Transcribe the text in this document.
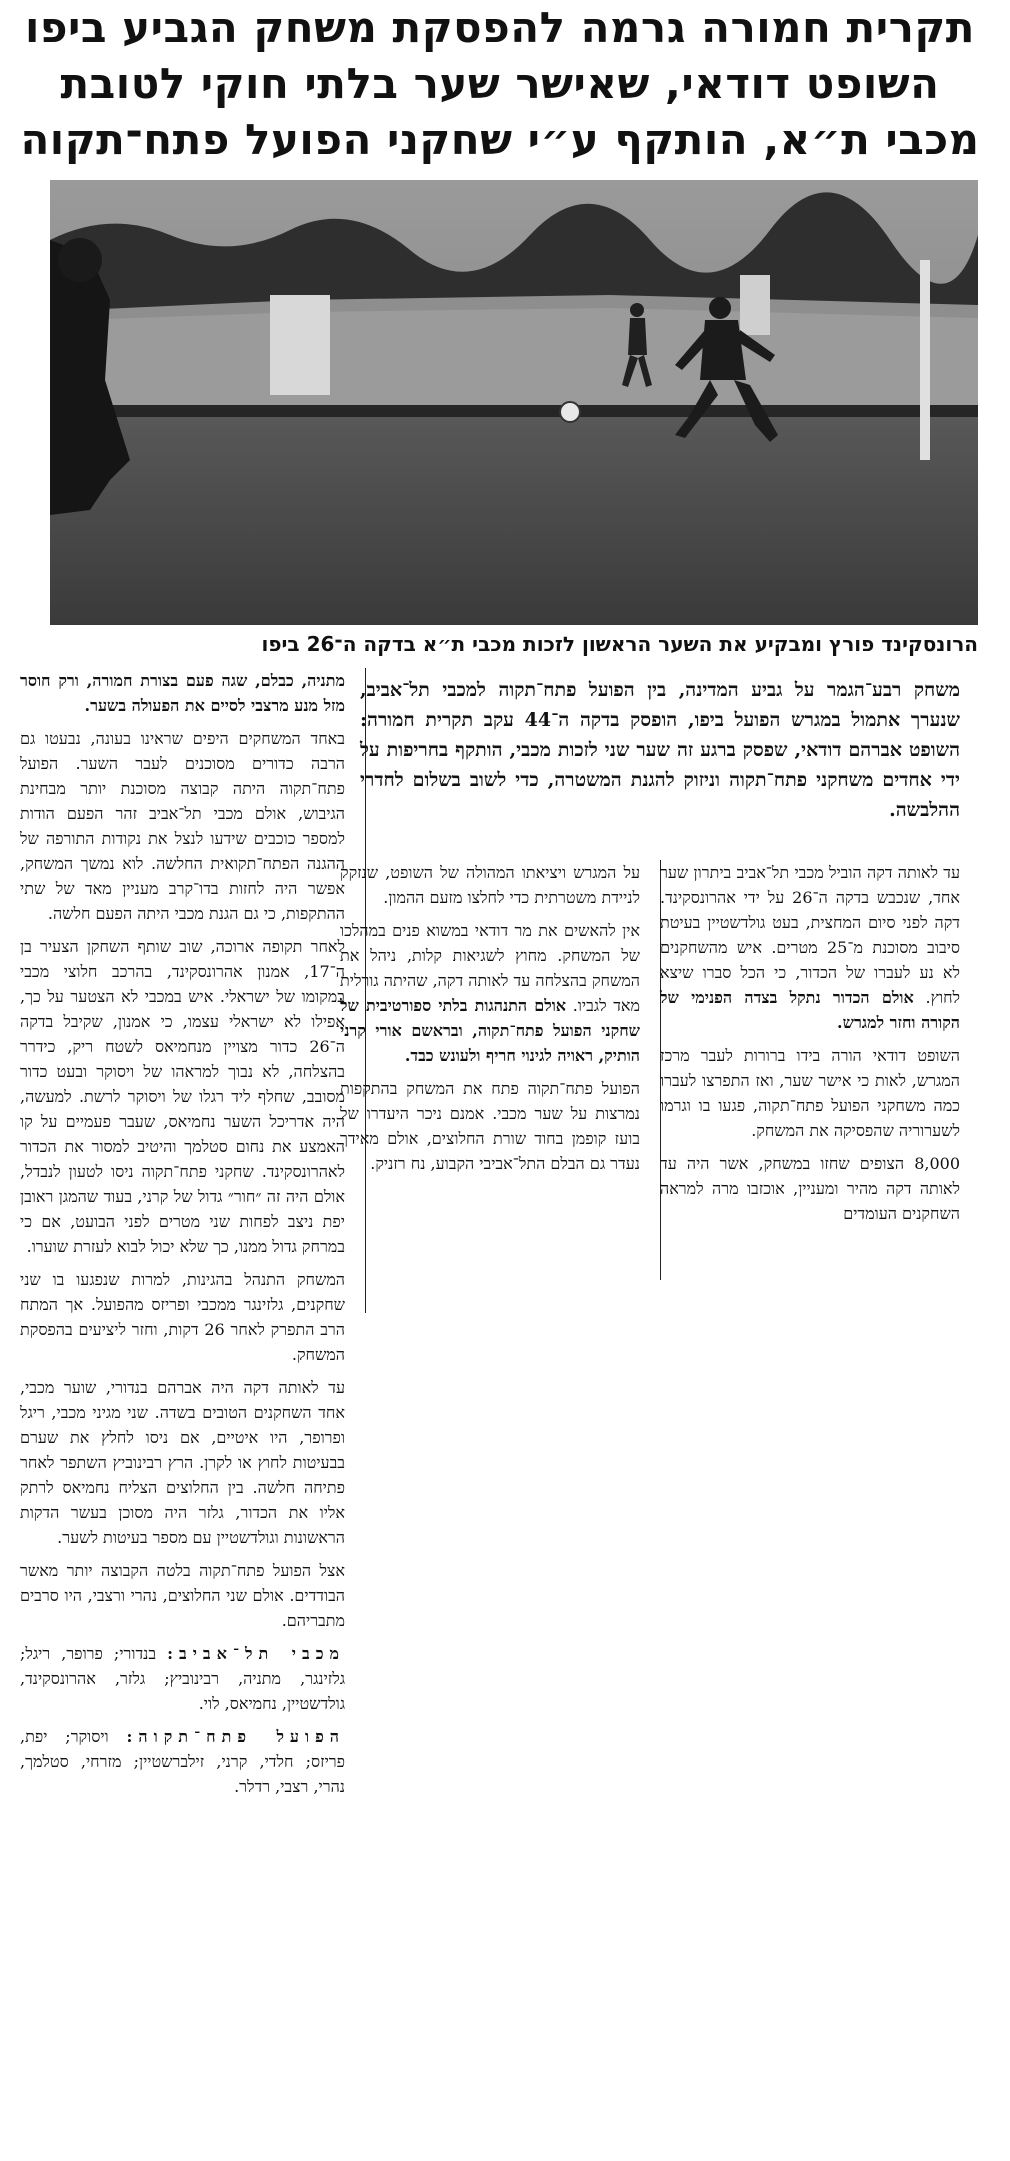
תקרית חמורה גרמה להפסקת משחק הגביע ביפו
השופט דודאי, שאישר שער בלתי חוקי לטובת
מכבי ת״א, הותקף ע״י שחקני הפועל פתח־תקוה
הרונסקינד פורץ ומבקיע את השער הראשון לזכות מכבי ת״א בדקה ה־26 ביפו
משחק רבע־הגמר על גביע המדינה, בין הפועל פתח־תקוה למכבי תל־אביב, שנערך אתמול במגרש הפועל ביפו, הופסק בדקה ה־44 עקב תקרית חמורה: השופט אברהם דודאי, שפסק ברגע זה שער שני לזכות מכבי, הותקף בחריפות על ידי אחדים משחקני פתח־תקוה וניזוק להגנת המשטרה, כדי לשוב בשלום לחדרי ההלבשה.

עד לאותה דקה הוביל מכבי תל־אביב ביתרון שער אחד, שנכבש בדקה ה־26 על ידי אהרונסקינד. דקה לפני סיום המחצית, בעט גולדשטיין בעיטת סיבוב מסוכנת מ־25 מטרים. איש מהשחקנים לא נע לעברו של הכדור, כי הכל סברו שיצא לחוץ. אולם הכדור נתקל בצדה הפנימי של הקורה וחזר למגרש.

השופט דודאי הורה בידו ברורות לעבר מרכז המגרש, לאות כי אישר שער, ואז התפרצו לעברו כמה משחקני הפועל פתח־תקוה, פגעו בו וגרמו לשערוריה שהפסיקה את המשחק.

8,000 הצופים שחזו במשחק, אשר היה עד לאותה דקה מהיר ומעניין, אוכזבו מרה למראה השחקנים העומדים

על המגרש ויציאתו המהולה של השופט, שנזקק לניידת משטרתית כדי לחלצו מזעם ההמון.

אין להאשים את מר דודאי במשוא פנים במהלכו של המשחק. מחוץ לשגיאות קלות, ניהל את המשחק בהצלחה עד לאותה דקה, שהיתה גורלית מאד לגביו. אולם התנהגות בלתי ספורטיבית של שחקני הפועל פתח־תקוה, ובראשם אורי קרני הותיק, ראויה לגינוי חריף ולעונש כבד.

הפועל פתח־תקוה פתח את המשחק בהתקפות נמרצות על שער מכבי. אמנם ניכר היעדרו של בועז קופמן בחוד שורת החלוצים, אולם מאידך נעדר גם הבלם התל־אביבי הקבוע, נח רזניק.

מתניה, כבלם, שגה פעם בצורת חמורה, ורק חוסר מזל מנע מרצבי לסיים את הפעולה בשער.

באחד המשחקים היפים שראינו בעונה, נבעטו גם הרבה כדורים מסוכנים לעבר השער. הפועל פתח־תקוה היתה קבוצה מסוכנת יותר מבחינת הגיבוש, אולם מכבי תל־אביב זהר הפעם הודות למספר כוכבים שידעו לנצל את נקודות התורפה של ההגנה הפתח־תקואית החלשה. לוא נמשך המשחק, אפשר היה לחזות בדו־קרב מעניין מאד של שתי ההתקפות, כי גם הגנת מכבי היתה הפעם חלשה.

לאחר תקופה ארוכה, שוב שותף השחקן הצעיר בן ה־17, אמנון אהרונסקינד, בהרכב חלוצי מכבי במקומו של ישראלי. איש במכבי לא הצטער על כך, אפילו לא ישראלי עצמו, כי אמנון, שקיבל בדקה ה־26 כדור מצויין מנחמיאס לשטח ריק, כידרר בהצלחה, לא נבוך למראהו של ויסוקר ובעט כדור מסובב, שחלף ליד רגלו של ויסוקר לרשת. למעשה, היה אדריכל השער נחמיאס, שעבר פעמיים על קו האמצע את נחום סטלמך והיטיב למסור את הכדור לאהרונסקינד. שחקני פתח־תקוה ניסו לטעון לנבדל, אולם היה זה ״חור״ גדול של קרני, בעוד שהמגן ראובן יפת ניצב לפחות שני מטרים לפני הבועט, אם כי במרחק גדול ממנו, כך שלא יכול לבוא לעזרת שוערו.

המשחק התנהל בהגינות, למרות שנפגעו בו שני שחקנים, גלזינגר ממכבי ופריזס מהפועל. אך המתח הרב התפרק לאחר 26 דקות, וחזר ליציעים בהפסקת המשחק.

עד לאותה דקה היה אברהם בנדורי, שוער מכבי, אחד השחקנים הטובים בשדה. שני מגיני מכבי, ריגל ופרופר, היו איטיים, אם ניסו לחלץ את שערם בבעיטות לחוץ או לקרן. הרץ רבינוביץ השתפר לאחר פתיחה חלשה. בין החלוצים הצליח נחמיאס לרתק אליו את הכדור, גלזר היה מסוכן בעשר הדקות הראשונות וגולדשטיין עם מספר בעיטות לשער.

אצל הפועל פתח־תקוה בלטה הקבוצה יותר מאשר הבודדים. אולם שני החלוצים, נהרי ורצבי, היו סרבים מתבריהם.

מכבי תל־אביב: בנדורי; פרופר, ריגל; גלזינגר, מתניה, רבינוביץ; גלזר, אהרונסקינד, גולדשטיין, נחמיאס, לוי.

הפועל פתח־תקוה: ויסוקר; יפת, פריזס; חלדי, קרני, זילברשטיין; מזרחי, סטלמך, נהרי, רצבי, רדלר.
